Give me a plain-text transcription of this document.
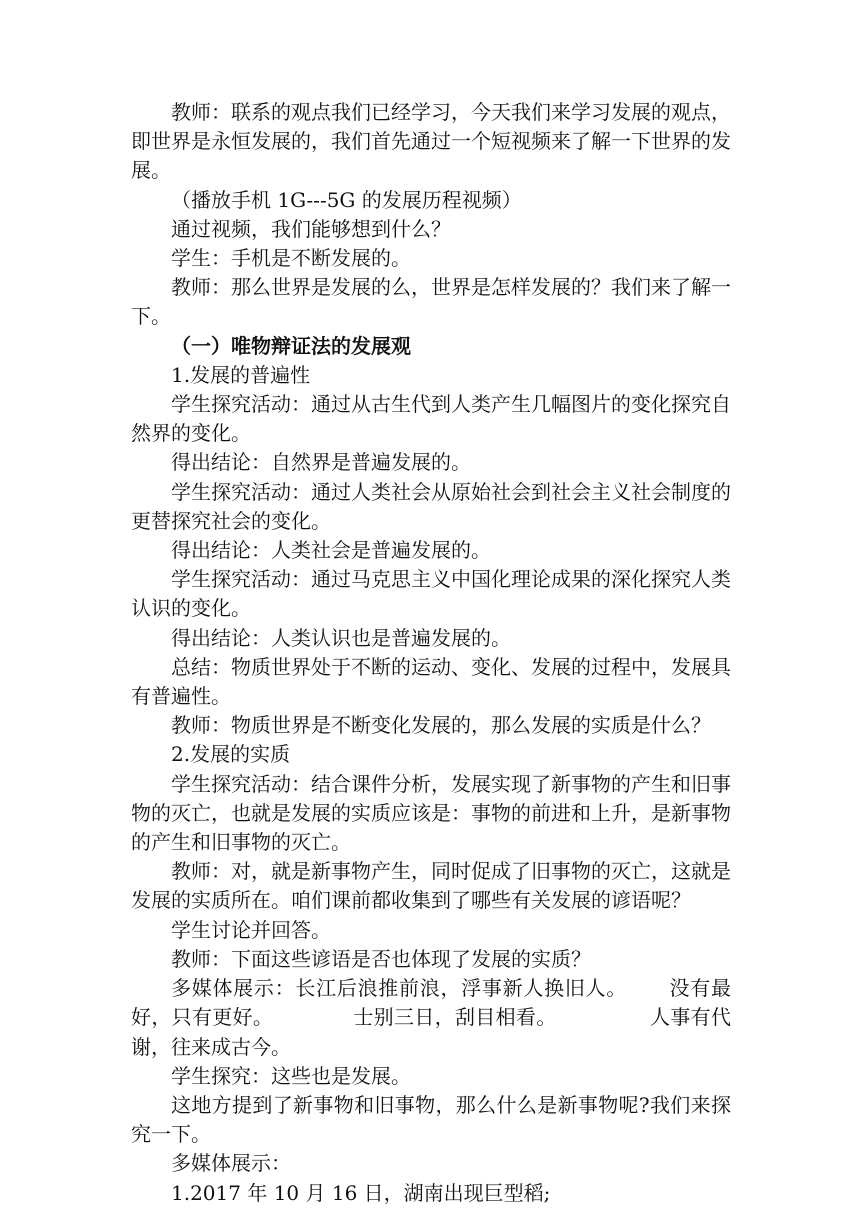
教师：联系的观点我们已经学习，今天我们来学习发展的观点，即世界是永恒发展的，我们首先通过一个短视频来了解一下世界的发展。

（播放手机 1G---5G 的发展历程视频）

通过视频，我们能够想到什么？

学生：手机是不断发展的。

教师：那么世界是发展的么，世界是怎样发展的？我们来了解一下。

（一）唯物辩证法的发展观

1.发展的普遍性

学生探究活动：通过从古生代到人类产生几幅图片的变化探究自然界的变化。

得出结论：自然界是普遍发展的。

学生探究活动：通过人类社会从原始社会到社会主义社会制度的更替探究社会的变化。

得出结论：人类社会是普遍发展的。

学生探究活动：通过马克思主义中国化理论成果的深化探究人类认识的变化。

得出结论：人类认识也是普遍发展的。

总结：物质世界处于不断的运动、变化、发展的过程中，发展具有普遍性。

教师：物质世界是不断变化发展的，那么发展的实质是什么？

2.发展的实质

学生探究活动：结合课件分析，发展实现了新事物的产生和旧事物的灭亡，也就是发展的实质应该是：事物的前进和上升，是新事物的产生和旧事物的灭亡。

教师：对，就是新事物产生，同时促成了旧事物的灭亡，这就是发展的实质所在。咱们课前都收集到了哪些有关发展的谚语呢？

学生讨论并回答。

教师：下面这些谚语是否也体现了发展的实质？

多媒体展示：长江后浪推前浪，浮事新人换旧人。      没有最好，只有更好。            士别三日，刮目相看。              人事有代谢，往来成古今。

学生探究：这些也是发展。

这地方提到了新事物和旧事物，那么什么是新事物呢?我们来探究一下。

多媒体展示：

1.2017 年 10 月 16 日，湖南出现巨型稻;
